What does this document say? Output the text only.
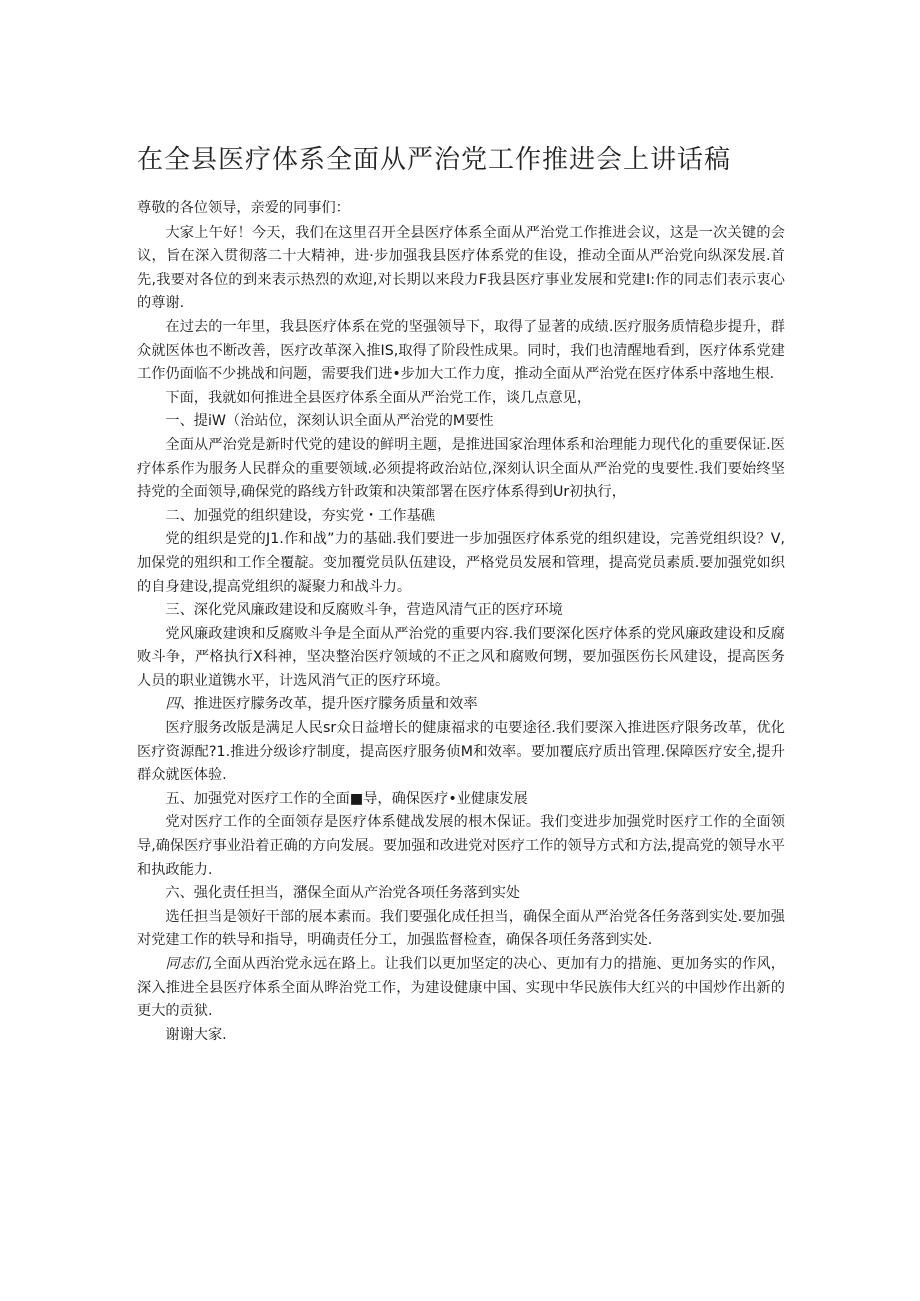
在全县医疗体系全面从严治党工作推进会上讲话稿

尊敬的各位领导，亲爱的同事们：

大家上午好！今天，我们在这里召开全县医疗体系全面从严治党工作推进会议，这是一次关键的会议，旨在深入贯彻落二十大精神，进·步加强我县医疗体系党的隹设，推动全面从严治党向纵深发展.首先,我要对各位的到来表示热烈的欢迎,对长期以来段力F我县医疗事业发展和党建I:作的同志们表示衷心的尊谢.

在过去的一年里，我县医疗体系在党的坚强领导下，取得了显著的成绩.医疗服务质情稳步提升，群众就医体也不断改善，医疗改革深入推IS,取得了阶段性成果。同时，我们也清醒地看到，医疗体系党建工作仍面临不少挑战和问题，需要我们进•步加大工作力度，推动全面从严治党在医疗体系中落地生根.

下面，我就如何推进全县医疗体系全面从严治党工作，谈几点意见，

一、提iW（治站位，深刻认识全面从严治党的M要性

全面从严治党是新时代党的建设的鲜明主题，是推进国家治理体系和治理能力现代化的重要保证.医疗体系作为服务人民群众的重要领域.必须提将政治站位,深刻认识全面从严治党的曳要性.我们要始终坚持党的全面领导,确保党的路线方针政策和决策部署在医疗体系得到Ur初执行，

二、加强党的组织建设，夯实党・工作基礁

党的组织是党的J1.作和战”力的基础.我们要进一步加强医疗体系党的组织建设，完善党组织设？V,加保党的殂织和工作全覆靛。变加覆党员队伍建设，严格党员发展和管理，提高党员素质.要加强党如织的自身建设,提高党组织的凝聚力和战斗力。

三、深化党风廉政建设和反腐败斗争，营造风清气正的医疗环境

党风廉政建谀和反腐败斗争是全面从严治党的重要内容.我们要深化医疗体系的党风廉政建设和反腐败斗争，严格执行X科神，坚决整治医疗领域的不正之风和腐败何甥，要加强医伤长风建设，提高医务人员的职业道镌水平，计选风消气正的医疗环境。

四、推进医疗朦务改革，提升医疗朦务质量和效率

医疗服务改版是满足人民sr众日益增长的健康福求的屯要途径.我们要深入推进医疗限务改革，优化医疗资源配?1.推进分级诊疗制度，提高医疗服务侦M和效率。要加覆底疗质出管理.保障医疗安全,提升群众就医体验.

五、加强党对医疗工作的全面■导，确保医疗•业健康发展

党对医疗工作的全面领存是医疗体系健战发展的根木保证。我们变进步加强党时医疗工作的全面领导,确保医疗事业沿着正确的方向发展。要加强和改进党对医疗工作的领导方式和方法,提高党的领导水平和执政能力.

六、强化责任担当，潴保全面从产治党各项任务落到实处

选任担当是领好干部的展本素而。我们要强化成任担当，确保全面从严治党各任务落到实处.要加强对党建工作的轶导和指导，明确责任分工，加强监督检查，确保各项任务落到实处.

同志们,全面从西治党永远在路上。让我们以更加坚定的决心、更加有力的措施、更加务实的作风，深入推进全县医疗体系全面从晔治党工作，为建设健康中国、实现中华民族伟大红兴的中国炒作出新的更大的贡狱.

谢谢大家.
